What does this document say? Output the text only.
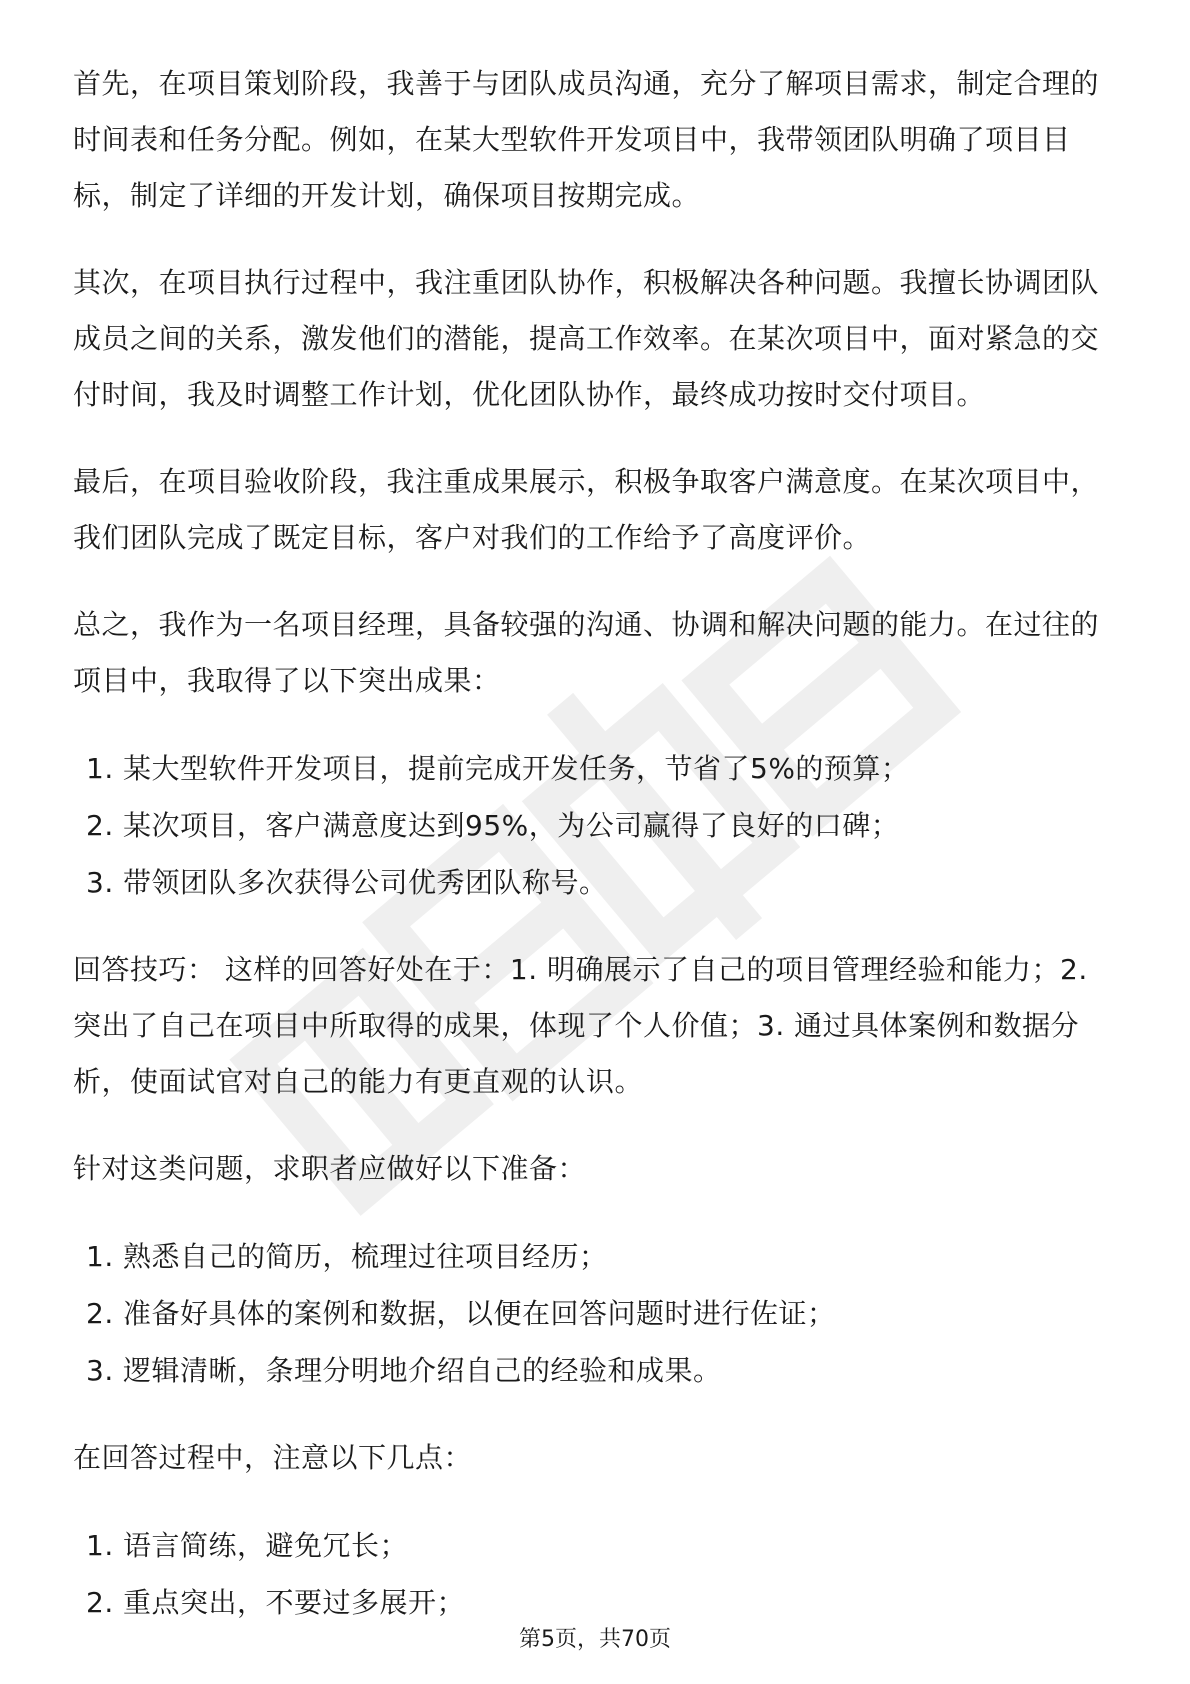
首先，在项目策划阶段，我善于与团队成员沟通，充分了解项目需求，制定合理的时间表和任务分配。例如，在某大型软件开发项目中，我带领团队明确了项目目标，制定了详细的开发计划，确保项目按期完成。

其次，在项目执行过程中，我注重团队协作，积极解决各种问题。我擅长协调团队成员之间的关系，激发他们的潜能，提高工作效率。在某次项目中，面对紧急的交付时间，我及时调整工作计划，优化团队协作，最终成功按时交付项目。

最后，在项目验收阶段，我注重成果展示，积极争取客户满意度。在某次项目中，我们团队完成了既定目标，客户对我们的工作给予了高度评价。

总之，我作为一名项目经理，具备较强的沟通、协调和解决问题的能力。在过往的项目中，我取得了以下突出成果：

1. 某大型软件开发项目，提前完成开发任务，节省了5%的预算；
2. 某次项目，客户满意度达到95%，为公司赢得了良好的口碑；
3. 带领团队多次获得公司优秀团队称号。

回答技巧： 这样的回答好处在于：1. 明确展示了自己的项目管理经验和能力；2. 突出了自己在项目中所取得的成果，体现了个人价值；3. 通过具体案例和数据分析，使面试官对自己的能力有更直观的认识。

针对这类问题，求职者应做好以下准备：

1. 熟悉自己的简历，梳理过往项目经历；
2. 准备好具体的案例和数据，以便在回答问题时进行佐证；
3. 逻辑清晰，条理分明地介绍自己的经验和成果。

在回答过程中，注意以下几点：

1. 语言简练，避免冗长；
2. 重点突出，不要过多展开；
第5页，共70页
